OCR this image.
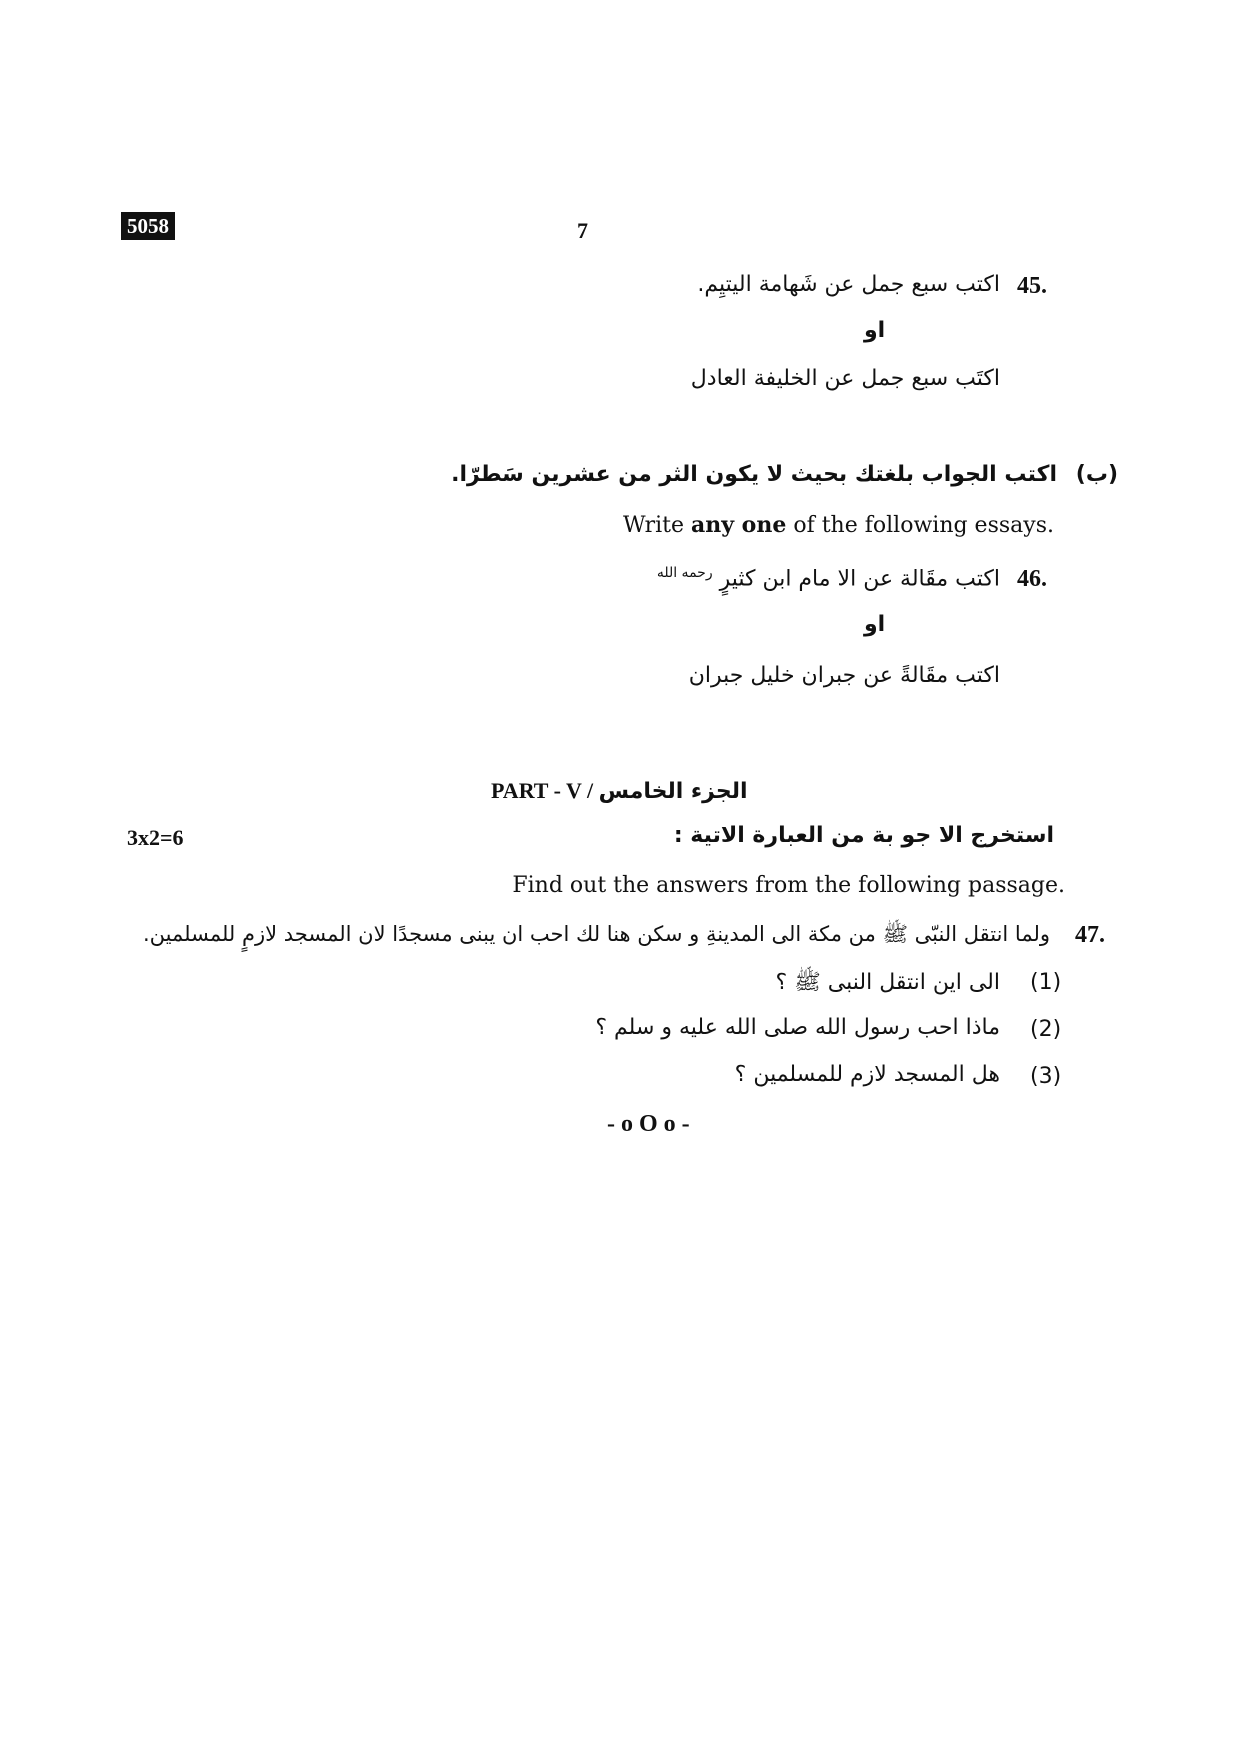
5058	7
45.
اكتب سبع جمل عن شَهامة اليتيِم.
او
اكتَب سبع جمل عن الخليفة العادل
(ب)
اكتب الجواب بلغتك بحيث لا يكون الثر من عشرين سَطرّا.
Write any one of the following essays.
46.
اكتب مقَالة عن الا مام ابن كثيرٍ $^{رحمه الله}$
او
اكتب مقَالةً عن جبران خليل جبران
PART - V / الجزء الخامس
3x2=6	استخرج الا جو بة من العبارة الاتية :
Find out the answers from the following passage.
47.
ولما انتقل النبّى ﷺ من مكة الى المدينةِ و سكن هنا لك احب ان يبنى مسجدًا لان المسجد لازمٍ للمسلمين.
(1)
الى اين انتقل النبى ﷺ ؟
(2)
ماذا احب رسول الله صلى الله عليه و سلم ؟
(3)
هل المسجد لازم للمسلمين ؟
- o O o -
